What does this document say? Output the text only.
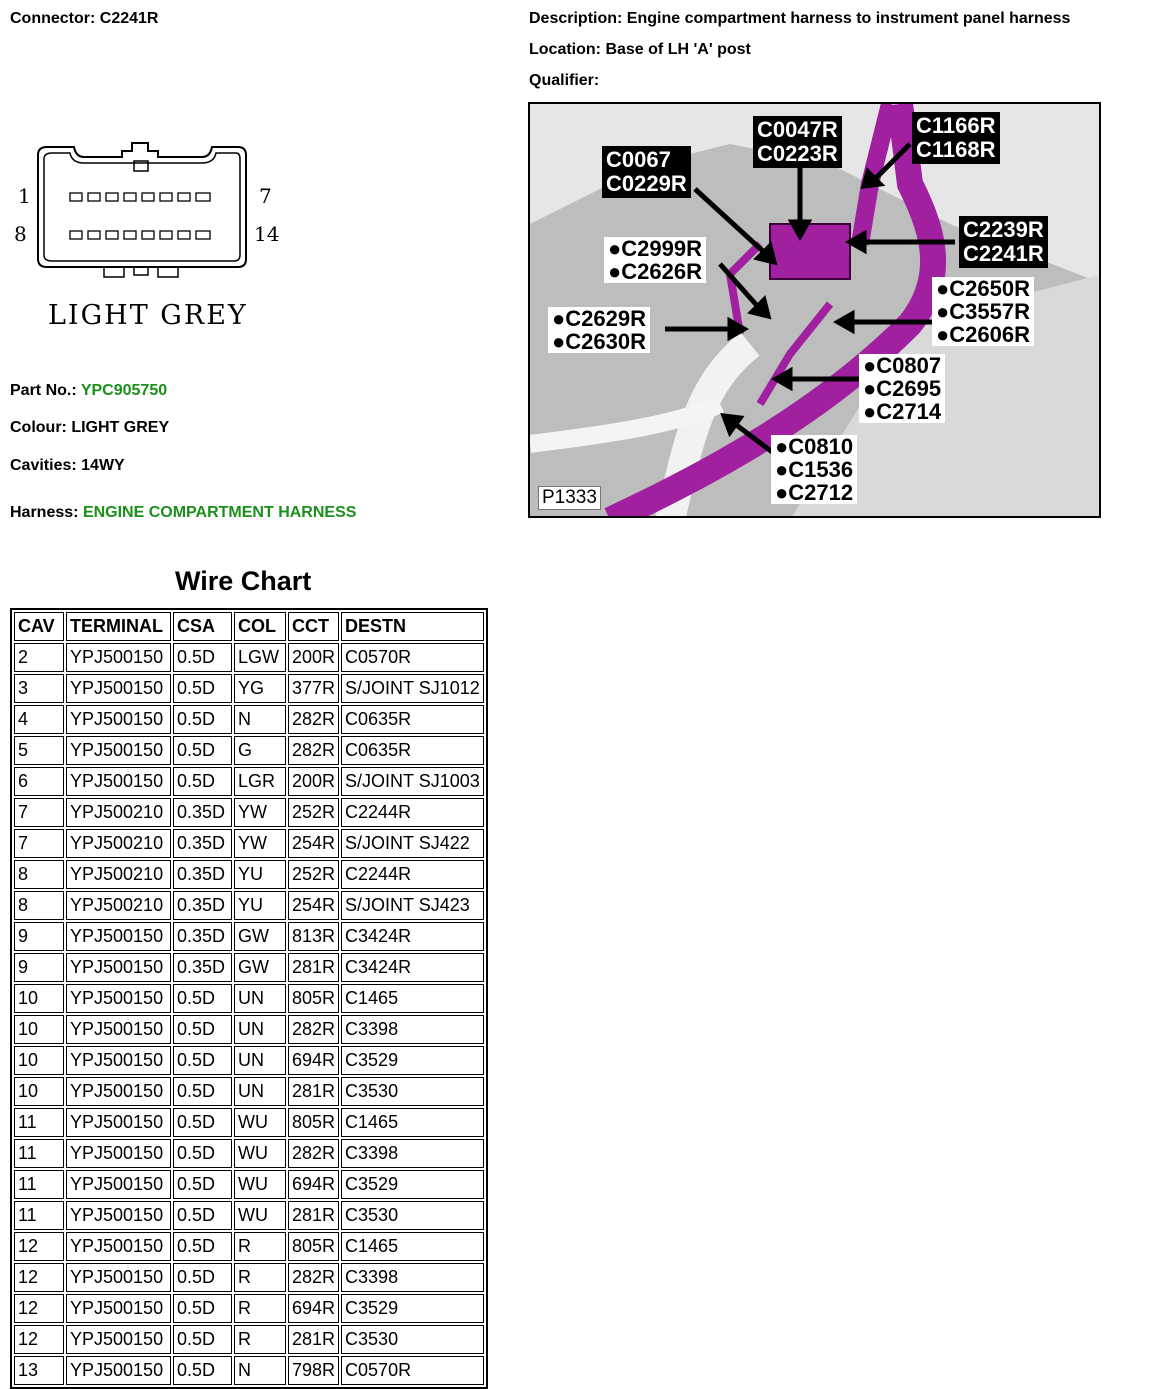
Connector: C2241R	Description: Engine compartment harness to instrument panel harness
Location: Base of LH 'A' post
Qualifier:
1	7
8	14
LIGHT GREY
Part No.: YPC905750
Colour: LIGHT GREY
Cavities: 14WY
Harness: ENGINE COMPARTMENT HARNESS
C0047R
C0223R
C1166R
C1168R
C0067
C0229R
C2239R
C2241R
●C2999R
●C2626R
●C2629R
●C2630R
●C2650R
●C3557R
●C2606R
●C0807
●C2695
●C2714
●C0810
●C1536
●C2712
P1333
Wire Chart
CAV	TERMINAL	CSA	COL	CCT	DESTN
2	YPJ500150	0.5D	LGW	200R	C0570R
3	YPJ500150	0.5D	YG	377R	S/JOINT SJ1012
4	YPJ500150	0.5D	N	282R	C0635R
5	YPJ500150	0.5D	G	282R	C0635R
6	YPJ500150	0.5D	LGR	200R	S/JOINT SJ1003
7	YPJ500210	0.35D	YW	252R	C2244R
7	YPJ500210	0.35D	YW	254R	S/JOINT SJ422
8	YPJ500210	0.35D	YU	252R	C2244R
8	YPJ500210	0.35D	YU	254R	S/JOINT SJ423
9	YPJ500150	0.35D	GW	813R	C3424R
9	YPJ500150	0.35D	GW	281R	C3424R
10	YPJ500150	0.5D	UN	805R	C1465
10	YPJ500150	0.5D	UN	282R	C3398
10	YPJ500150	0.5D	UN	694R	C3529
10	YPJ500150	0.5D	UN	281R	C3530
11	YPJ500150	0.5D	WU	805R	C1465
11	YPJ500150	0.5D	WU	282R	C3398
11	YPJ500150	0.5D	WU	694R	C3529
11	YPJ500150	0.5D	WU	281R	C3530
12	YPJ500150	0.5D	R	805R	C1465
12	YPJ500150	0.5D	R	282R	C3398
12	YPJ500150	0.5D	R	694R	C3529
12	YPJ500150	0.5D	R	281R	C3530
13	YPJ500150	0.5D	N	798R	C0570R
